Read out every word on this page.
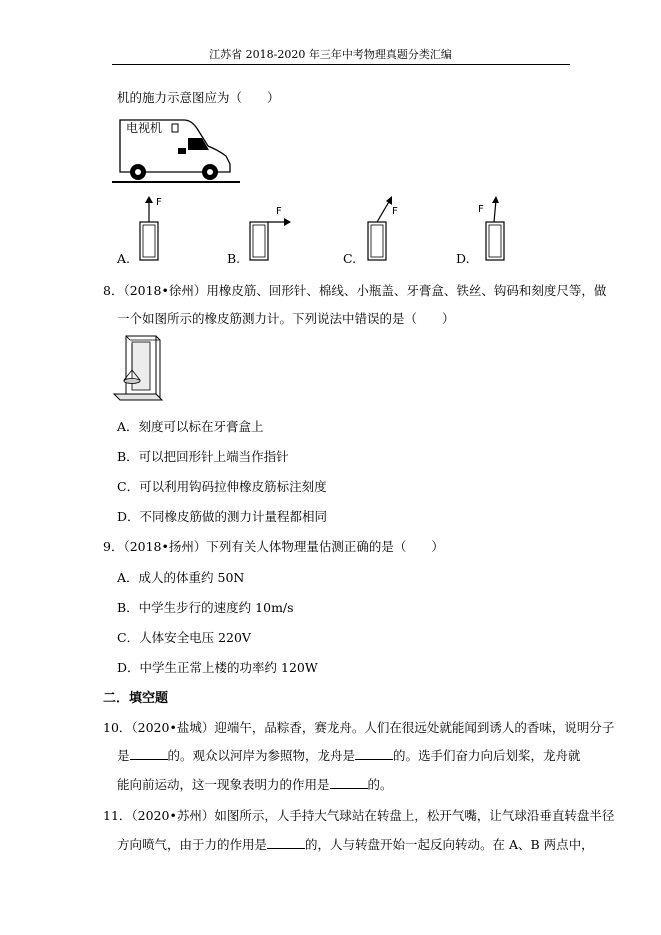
江苏省 2018-2020 年三年中考物理真题分类汇编
机的施力示意图应为（　　）
电视机
A.
F
B.
F
C.
F
D.
F
8．（2018•徐州）用橡皮筋、回形针、棉线、小瓶盖、牙膏盒、铁丝、钩码和刻度尺等，做
一个如图所示的橡皮筋测力计。下列说法中错误的是（　　）
A．刻度可以标在牙膏盒上
B．可以把回形针上端当作指针
C．可以利用钩码拉伸橡皮筋标注刻度
D．不同橡皮筋做的测力计量程都相同
9．（2018•扬州）下列有关人体物理量估测正确的是（　　）
A．成人的体重约 50N
B．中学生步行的速度约 10m/s
C．人体安全电压 220V
D．中学生正常上楼的功率约 120W
二．填空题
10．（2020•盐城）迎端午，品粽香，赛龙舟。人们在很远处就能闻到诱人的香味，说明分子
是	的。观众以河岸为参照物，龙舟是	的。选手们奋力向后划桨，龙舟就
能向前运动，这一现象表明力的作用是	的。
11．（2020•苏州）如图所示，人手持大气球站在转盘上，松开气嘴，让气球沿垂直转盘半径
方向喷气，由于力的作用是	的，人与转盘开始一起反向转动。在 A、B 两点中，
